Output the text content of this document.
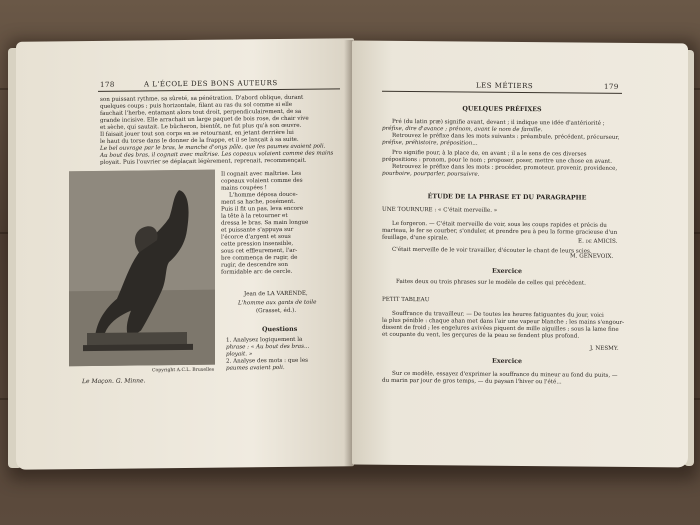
178	A L'ÉCOLE DES BONS AUTEURS

son puissant rythme, sa sûreté, sa pénétration. D'abord oblique, durant

quelques coups ; puis horizontale, filant au ras du sol comme si elle

fauchait l'herbe, entamant alors tout droit, perpendiculairement, de sa

grande incisive. Elle arrachait un large paquet de bois rose, de chair vive

et sèche, qui sautait. Le bûcheron, bientôt, ne fut plus qu'à son œuvre.

Il faisait jouer tout son corps en se retournant, en jetant derrière lui

le haut du torse dans le donner de la frappe, et il se lançait à sa suite.

Le bel ouvrage par le bras, le manche d'onys pâle, que les paumes avaient poli.

Au bout des bras, il cognait avec maîtrise. Les copeaux volaient comme des mains

ployait. Puis l'ouvrier se déplaçait légèrement, reprenait, recommençait.

Copyright A.C.L. Bruxelles
Le Maçon. G. Minne.

Il cognait avec maîtrise. Les

copeaux volaient comme des

mains coupées !

L'homme déposa douce-

ment sa hache, posément.

Puis il fit un pas, leva encore

la tête à la retourner et

dressa le bras. Sa main longue

et puissante s'appuya sur

l'écorce d'argent et sous

cette pression insensible,

sous cet effleurement, l'ar-

bre commença de rugir, de

rugir, de descendre son

formidable arc de cercle.

Jean de LA VARENDE,
L'homme aux gants de toile
(Grasset, éd.).
Questions

1. Analysez logiquement la

phrase : « Au bout des bras...

ployait. »

2. Analyse des mots : que les

paumes avaient poli.

LES MÉTIERS	179
QUELQUES PRÉFIXES

Pré (du latin præ) signifie avant, devant ; il indique une idée d'antériorité ;

préfixe, dire d'avance ; prénom, avant le nom de famille.

Retrouvez le préfixe dans les mots suivants : préambule, précédent, précurseur,

préfixe, préhistoire, préposition...

Pro signifie pour, à la place de, en avant ; il a le sens de ces diverses

prépositions : pronom, pour le nom ; proposer, poser, mettre une chose en avant.

Retrouvez le préfixe dans les mots : procéder, promoteur, provenir, providence,

pourboire, pourparler, poursuivre.

ÉTUDE DE LA PHRASE ET DU PARAGRAPHE
UNE TOURNURE : « C'était merveille. »

Le forgeron. — C'était merveille de voir, sous les coups rapides et précis du

marteau, le fer se courber, s'onduler, et prendre peu à peu la forme gracieuse d'un

feuillage, d'une spirale.

C'était merveille de le voir travailler, d'écouter le chant de leurs scies.

E. de AMICIS.
M. GENEVOIX.
Exercice
Faites deux ou trois phrases sur le modèle de celles qui précèdent.
PETIT TABLEAU

Souffrance du travailleur. — De toutes les heures fatiguantes du jour, voici

la plus pénible : chaque ahan met dans l'air une vapeur blanche ; les mains s'engour-

dissent de froid ; les engelures avivées piquent de mille aiguilles ; sous la lame fine

et coupante du vent, les gerçures de la peau se fendent plus profond.

J. NESMY.
Exercice

Sur ce modèle, essayez d'exprimer la souffrance du mineur au fond du puits, —

du marin par jour de gros temps, — du paysan l'hiver ou l'été...
